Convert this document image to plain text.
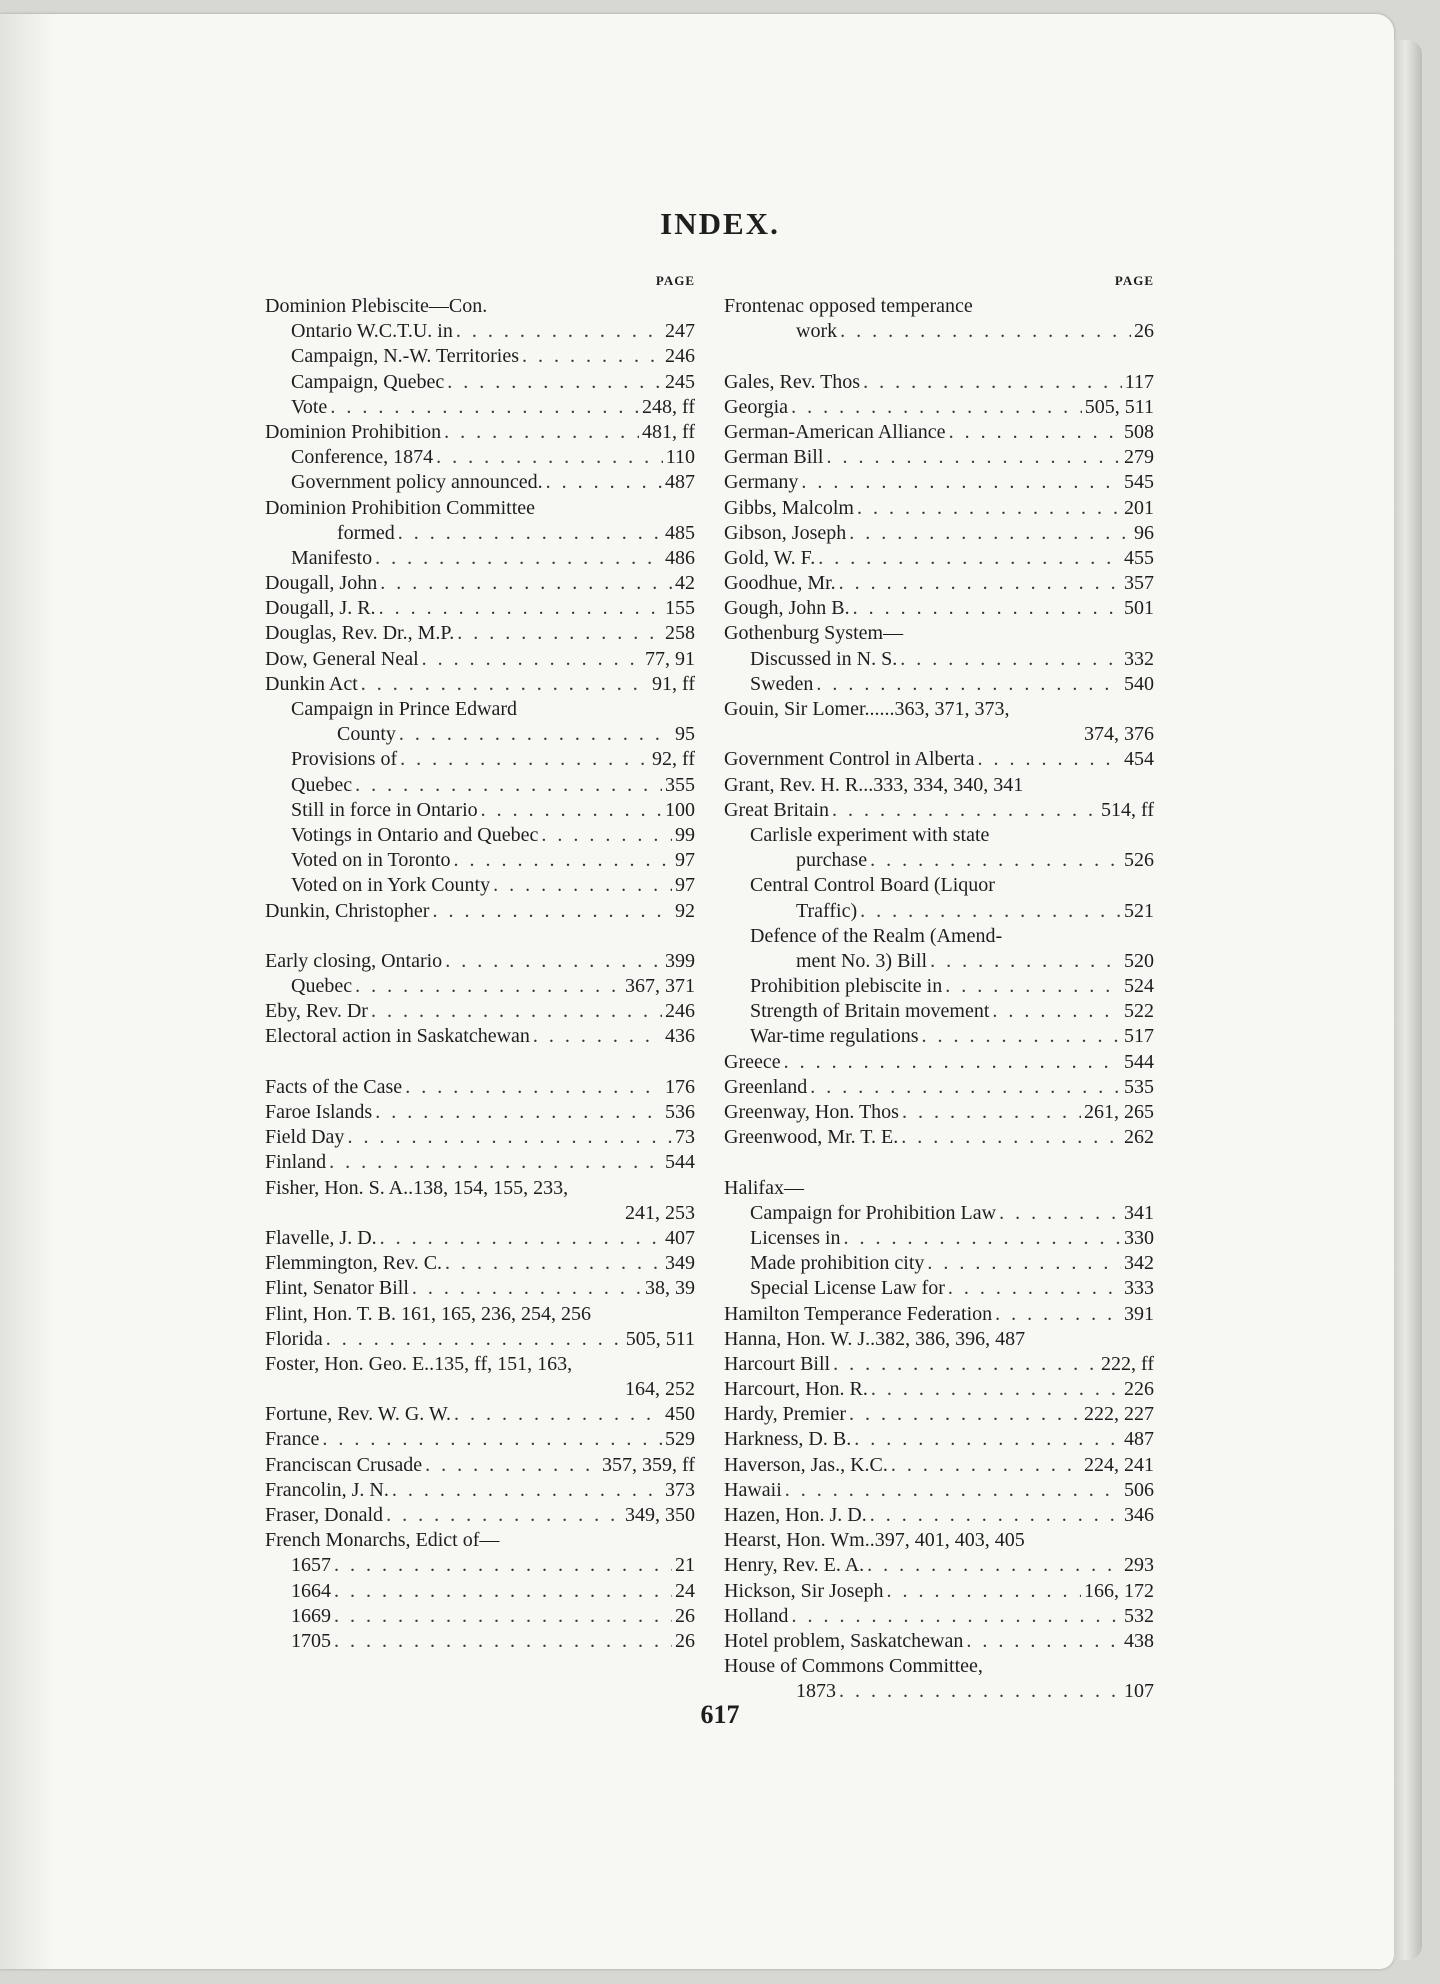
INDEX.
PAGE
Dominion Plebiscite—Con.
Ontario W.C.T.U. in . . .	247
Campaign, N.-W. Territories . . .	246
Campaign, Quebec . . .	245
Vote . . .	248, ff
Dominion Prohibition . . .	481, ff
Conference, 1874 . . .	110
Government policy announced. . . .	487
Dominion Prohibition Committee
formed . . .	485
Manifesto . . .	486
Dougall, John . . .	42
Dougall, J. R. . . .	155
Douglas, Rev. Dr., M.P. . . .	258
Dow, General Neal . . .	77, 91
Dunkin Act . . .	91, ff
Campaign in Prince Edward
County . . .	95
Provisions of . . .	92, ff
Quebec . . .	355
Still in force in Ontario . . .	100
Votings in Ontario and Quebec . . .	99
Voted on in Toronto . . .	97
Voted on in York County . . .	97
Dunkin, Christopher . . .	92
Early closing, Ontario . . .	399
Quebec . . .	367, 371
Eby, Rev. Dr . . .	246
Electoral action in Saskatchewan . . .	436
Facts of the Case . . .	176
Faroe Islands . . .	536
Field Day . . .	73
Finland . . .	544
Fisher, Hon. S. A..138, 154, 155, 233,
241, 253
Flavelle, J. D. . . .	407
Flemmington, Rev. C. . . .	349
Flint, Senator Bill . . .	38, 39
Flint, Hon. T. B. 161, 165, 236, 254, 256
Florida . . .	505, 511
Foster, Hon. Geo. E..135, ff, 151, 163,
164, 252
Fortune, Rev. W. G. W. . . .	450
France . . .	529
Franciscan Crusade . . .	357, 359, ff
Francolin, J. N. . . .	373
Fraser, Donald . . .	349, 350
French Monarchs, Edict of—
1657 . . .	21
1664 . . .	24
1669 . . .	26
1705 . . .	26
PAGE
Frontenac opposed temperance
work . . .	26
Gales, Rev. Thos . . .	117
Georgia . . .	505, 511
German-American Alliance . . .	508
German Bill . . .	279
Germany . . .	545
Gibbs, Malcolm . . .	201
Gibson, Joseph . . .	96
Gold, W. F. . . .	455
Goodhue, Mr. . . .	357
Gough, John B. . . .	501
Gothenburg System—
Discussed in N. S. . . .	332
Sweden . . .	540
Gouin, Sir Lomer......363, 371, 373,
374, 376
Government Control in Alberta . . .	454
Grant, Rev. H. R...333, 334, 340, 341
Great Britain . . .	514, ff
Carlisle experiment with state
purchase . . .	526
Central Control Board (Liquor
Traffic) . . .	521
Defence of the Realm (Amend-
ment No. 3) Bill . . .	520
Prohibition plebiscite in . . .	524
Strength of Britain movement . . .	522
War-time regulations . . .	517
Greece . . .	544
Greenland . . .	535
Greenway, Hon. Thos . . .	261, 265
Greenwood, Mr. T. E. . . .	262
Halifax—
Campaign for Prohibition Law . . .	341
Licenses in . . .	330
Made prohibition city . . .	342
Special License Law for . . .	333
Hamilton Temperance Federation . . .	391
Hanna, Hon. W. J..382, 386, 396, 487
Harcourt Bill . . .	222, ff
Harcourt, Hon. R. . . .	226
Hardy, Premier . . .	222, 227
Harkness, D. B. . . .	487
Haverson, Jas., K.C. . . .	224, 241
Hawaii . . .	506
Hazen, Hon. J. D. . . .	346
Hearst, Hon. Wm..397, 401, 403, 405
Henry, Rev. E. A. . . .	293
Hickson, Sir Joseph . . .	166, 172
Holland . . .	532
Hotel problem, Saskatchewan . . .	438
House of Commons Committee,
1873 . . .	107
617
